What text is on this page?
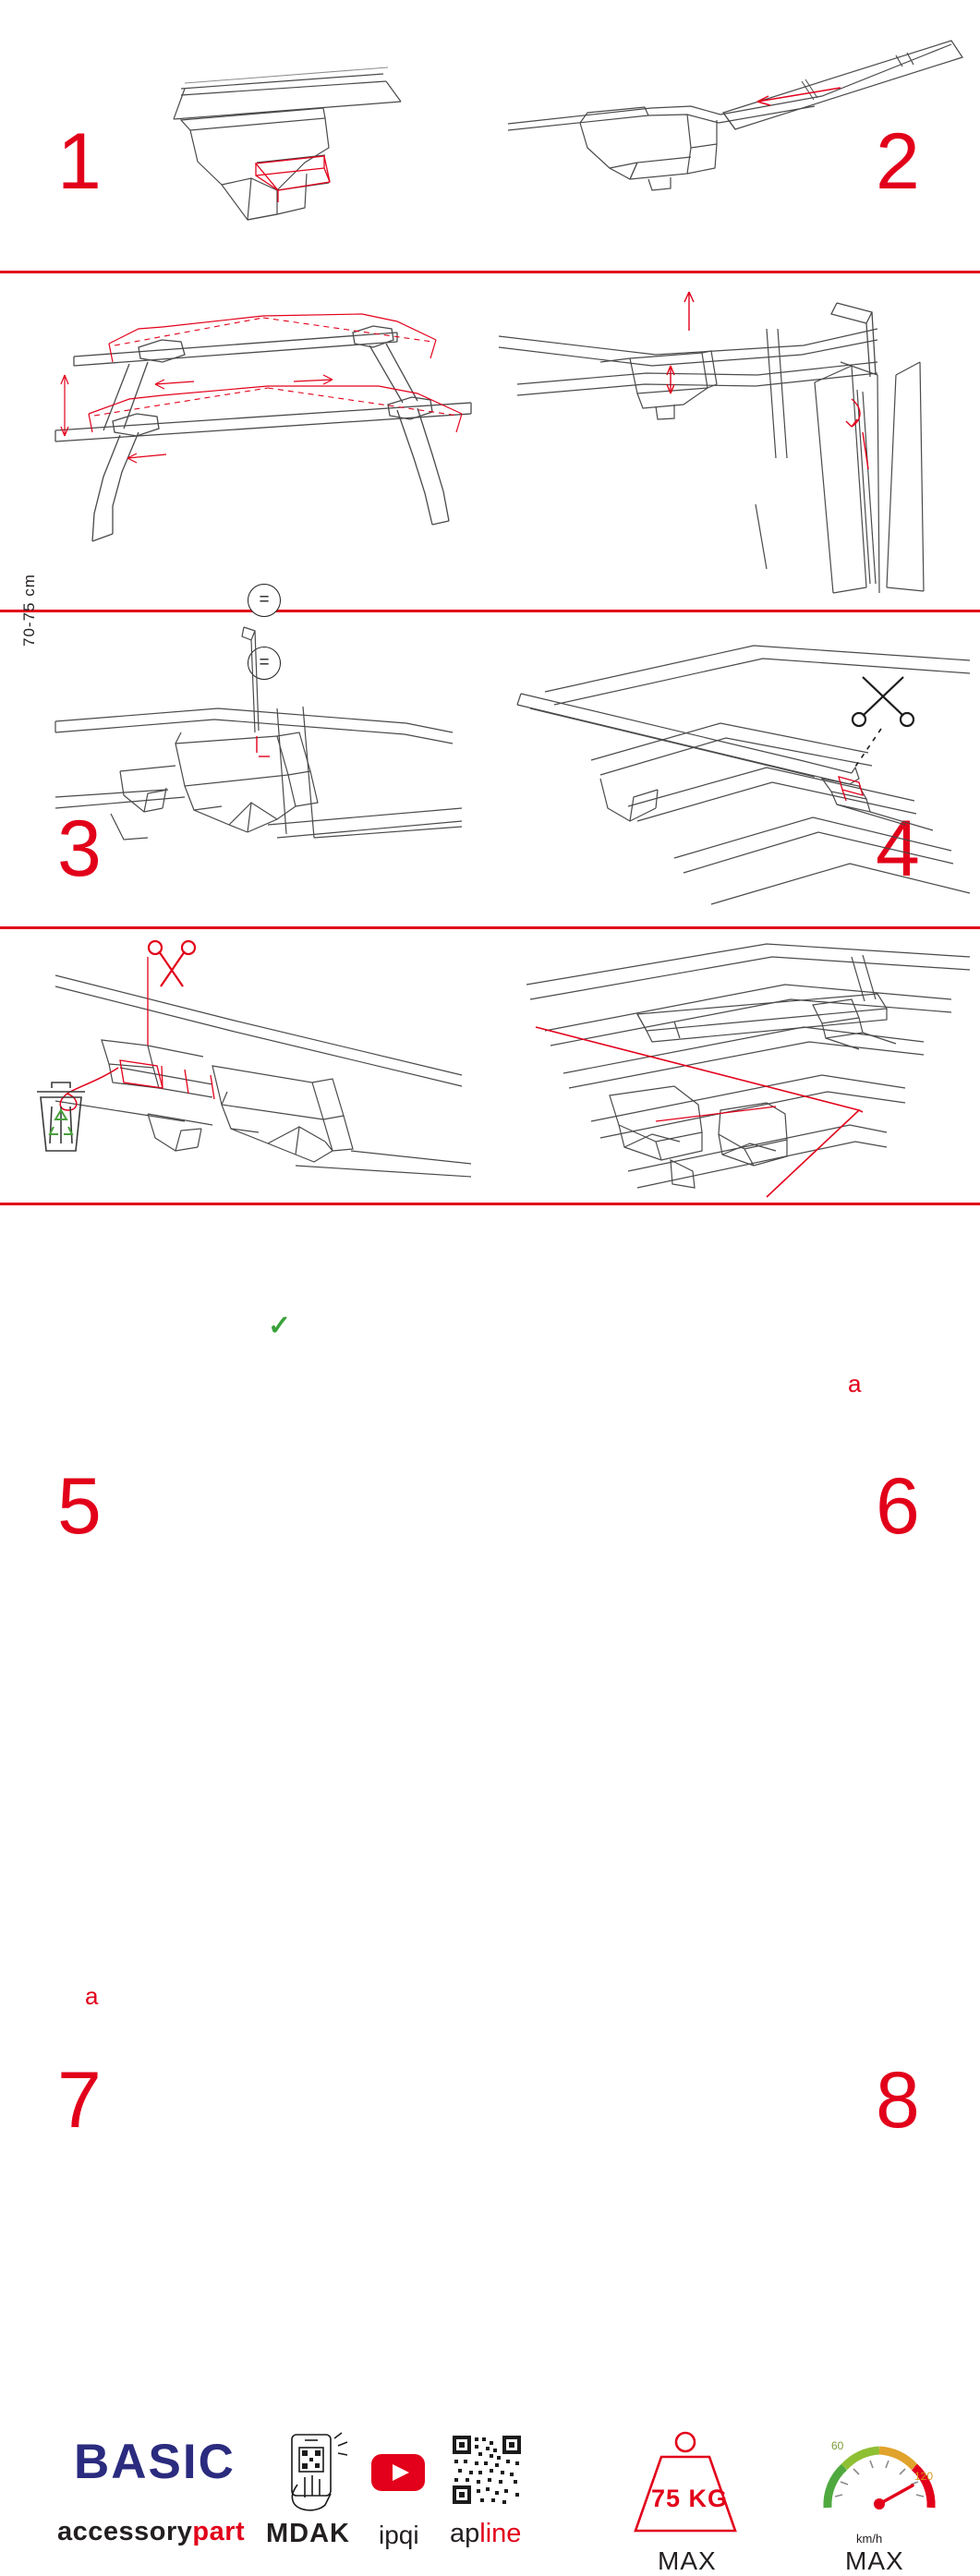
1	2
=
=
70-75 cm
3	4
✓
5
a
6
a
7	8
BASIC
accessorypart MDAK ipqi apline
75 KG
MAX
60
120
km/h
MAX
